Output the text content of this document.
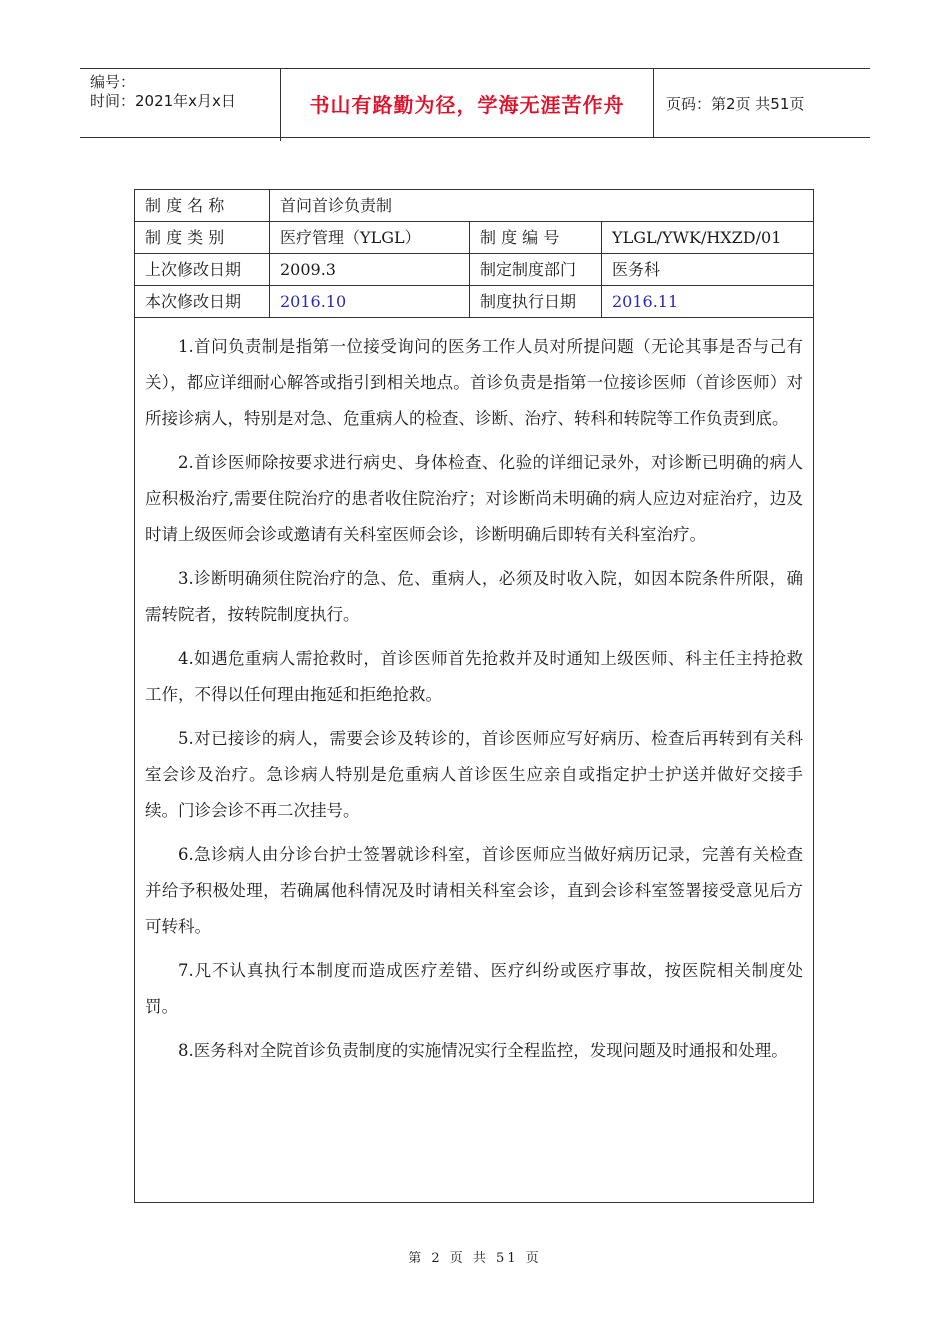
编号：
时间：2021年x月x日	书山有路勤为径，学海无涯苦作舟	页码：第2页 共51页
制 度 名 称	首问首诊负责制
制 度 类 别	医疗管理（YLGL）	制 度 编 号	YLGL/YWK/HXZD/01
上次修改日期	2009.3	制定制度部门	医务科
本次修改日期	2016.10	制度执行日期	2016.11

1.首问负责制是指第一位接受询问的医务工作人员对所提问题（无论其事是否与己有关），都应详细耐心解答或指引到相关地点。首诊负责是指第一位接诊医师（首诊医师）对所接诊病人，特别是对急、危重病人的检查、诊断、治疗、转科和转院等工作负责到底。

2.首诊医师除按要求进行病史、身体检查、化验的详细记录外，对诊断已明确的病人应积极治疗,需要住院治疗的患者收住院治疗；对诊断尚未明确的病人应边对症治疗，边及时请上级医师会诊或邀请有关科室医师会诊，诊断明确后即转有关科室治疗。

3.诊断明确须住院治疗的急、危、重病人，必须及时收入院，如因本院条件所限，确需转院者，按转院制度执行。

4.如遇危重病人需抢救时，首诊医师首先抢救并及时通知上级医师、科主任主持抢救工作，不得以任何理由拖延和拒绝抢救。

5.对已接诊的病人，需要会诊及转诊的，首诊医师应写好病历、检查后再转到有关科室会诊及治疗。急诊病人特别是危重病人首诊医生应亲自或指定护士护送并做好交接手续。门诊会诊不再二次挂号。

6.急诊病人由分诊台护士签署就诊科室，首诊医师应当做好病历记录，完善有关检查并给予积极处理，若确属他科情况及时请相关科室会诊，直到会诊科室签署接受意见后方可转科。

7.凡不认真执行本制度而造成医疗差错、医疗纠纷或医疗事故，按医院相关制度处罚。

8.医务科对全院首诊负责制度的实施情况实行全程监控，发现问题及时通报和处理。

第 2 页 共 51 页
